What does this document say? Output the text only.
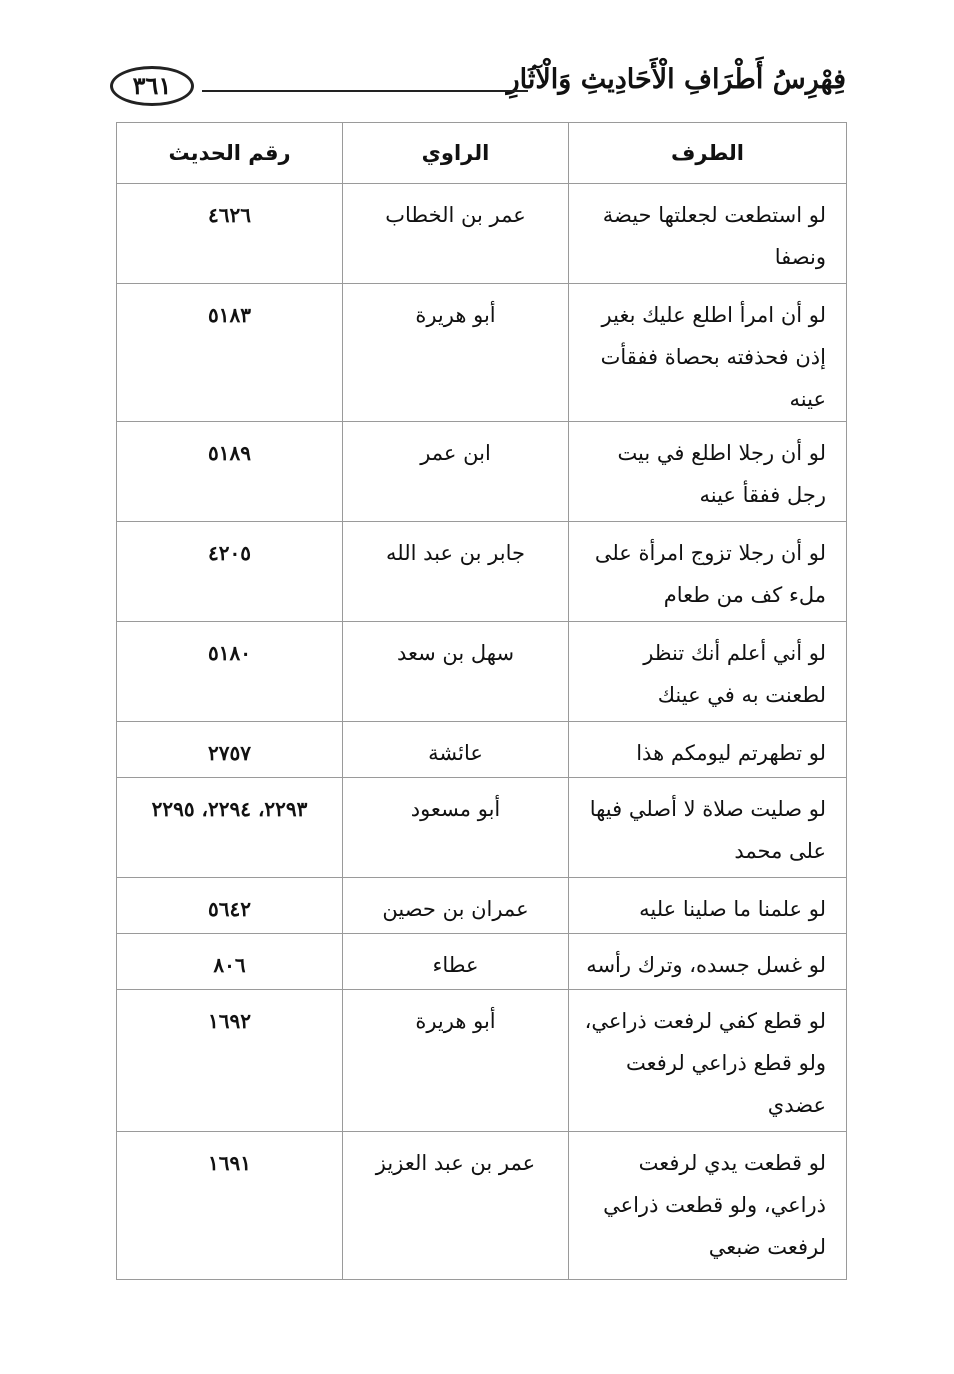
فِهْرِسُ أَطْرَافِ الْأَحَادِيثِ وَالْآثَارِ
٣٦١
الطرف	الراوي	رقم الحديث
لو استطعت لجعلتها حيضة ونصفا	عمر بن الخطاب	٤٦٢٦
لو أن امرأ اطلع عليك بغير إذن فحذفته بحصاة ففقأت عينه	أبو هريرة	٥١٨٣
لو أن رجلا اطلع في بيت رجل ففقأ عينه	ابن عمر	٥١٨٩
لو أن رجلا تزوج امرأة على ملء كف من طعام	جابر بن عبد الله	٤٢٠٥
لو أني أعلم أنك تنظر لطعنت به في عينك	سهل بن سعد	٥١٨٠
لو تطهرتم ليومكم هذا	عائشة	٢٧٥٧
لو صليت صلاة لا أصلي فيها على محمد	أبو مسعود	٢٢٩٣، ٢٢٩٤، ٢٢٩٥
لو علمنا ما صلينا عليه	عمران بن حصين	٥٦٤٢
لو غسل جسده، وترك رأسه	عطاء	٨٠٦
لو قطع كفي لرفعت ذراعي، ولو قطع ذراعي لرفعت عضدي	أبو هريرة	١٦٩٢
لو قطعت يدي لرفعت ذراعي، ولو قطعت ذراعي لرفعت ضبعي	عمر بن عبد العزيز	١٦٩١
